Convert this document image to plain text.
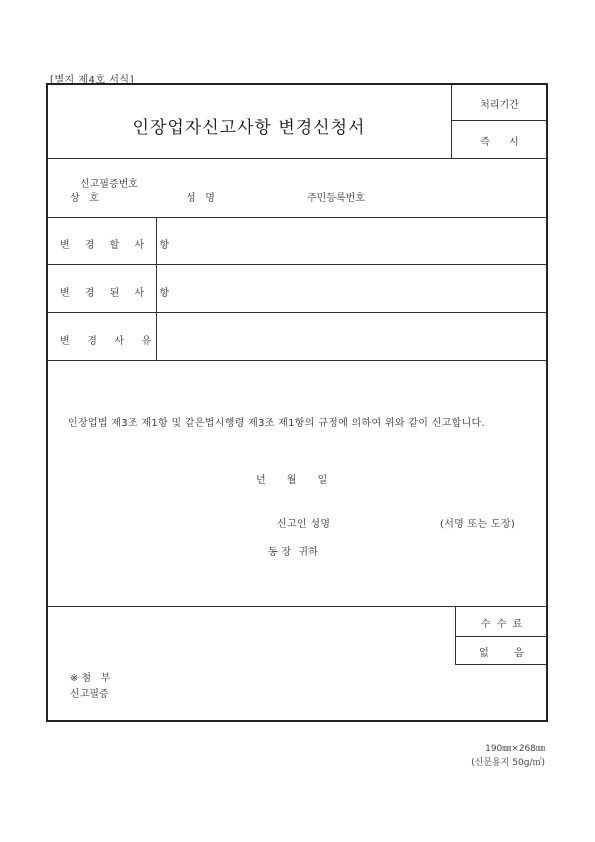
[별지 제4호 서식]
인장업자신고사항 변경신청서
처리기간
즉      시
신고필증번호
상   호	성   명	주민등록번호
변 경 할 사 항
변 경 된 사 항
변   경   사   유
인장업법 제3조 제1항 및 같은법시행령 제3조 제1항의 규정에 의하여 위와 같이 신고합니다.
년      월      일
신고인 성명	(서명 또는 도장)
동 장  귀하
수  수  료
없        음
※ 첨   부
신고필증
190㎜×268㎜
(신문용지 50g/㎡)
